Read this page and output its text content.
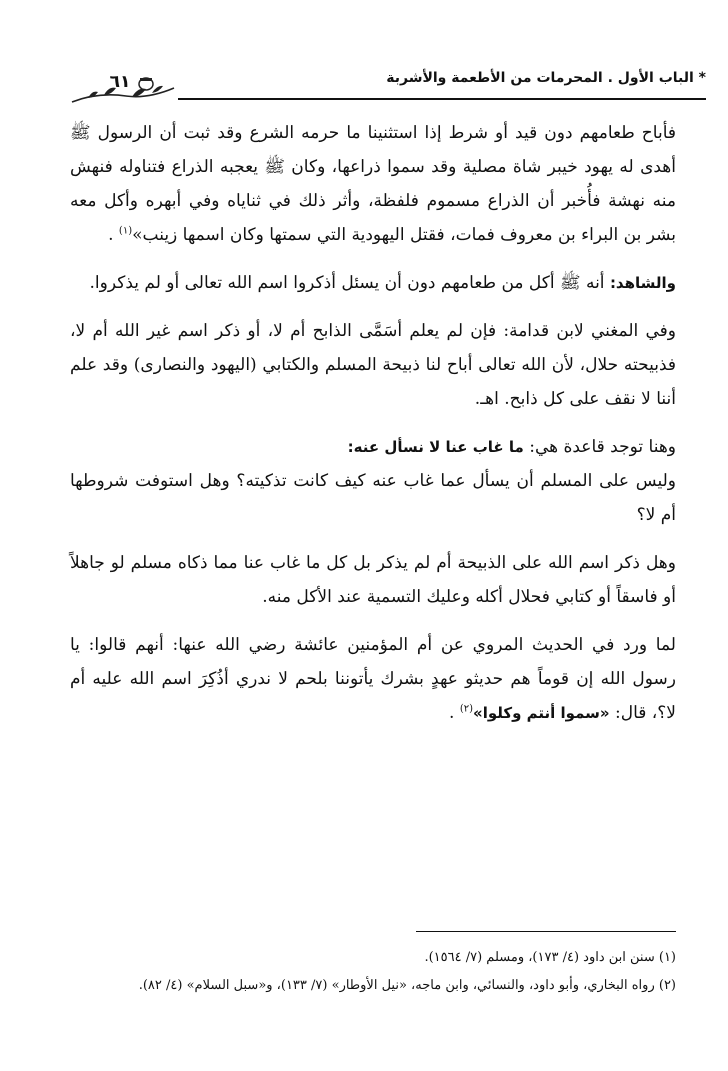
* الباب الأول . المحرمات من الأطعمة والأشربة
٦١

فأباح طعامهم دون قيد أو شرط إذا استثنينا ما حرمه الشرع وقد ثبت أن الرسول ﷺ أهدى له يهود خيبر شاة مصلية وقد سموا ذراعها، وكان ﷺ يعجبه الذراع فتناوله فنهش منه نهشة فأُخبر أن الذراع مسموم فلفظة، وأثر ذلك في ثناياه وفي أبهره وأكل معه بشر بن البراء بن معروف فمات، فقتل اليهودية التي سمتها وكان اسمها زينب»$^{(١)}$ .

والشاهد: أنه ﷺ أكل من طعامهم دون أن يسئل أذكروا اسم الله تعالى أو لم يذكروا.

وفي المغني لابن قدامة: فإن لم يعلم أسَمَّى الذابح أم لا، أو ذكر اسم غير الله أم لا، فذبيحته حلال، لأن الله تعالى أباح لنا ذبيحة المسلم والكتابي (اليهود والنصارى) وقد علم أننا لا نقف على كل ذابح. اهـ.

وهنا توجد قاعدة هي: ما غاب عنا لا نسأل عنه:

وليس على المسلم أن يسأل عما غاب عنه كيف كانت تذكيته؟ وهل استوفت شروطها أم لا؟

وهل ذكر اسم الله على الذبيحة أم لم يذكر بل كل ما غاب عنا مما ذكاه مسلم لو جاهلاً أو فاسقاً أو كتابي فحلال أكله وعليك التسمية عند الأكل منه.

لما ورد في الحديث المروي عن أم المؤمنين عائشة رضي الله عنها: أنهم قالوا: يا رسول الله إن قوماً هم حديثو عهدٍ بشرك يأتوننا بلحم لا ندري أذُكِرَ اسم الله عليه أم لا؟، قال: «سموا أنتم وكلوا»$^{(٢)}$ .

(١) سنن ابن داود (٤/ ١٧٣)، ومسلم (٧/ ١٥٦٤).

(٢) رواه البخاري، وأبو داود، والنسائي، وابن ماجه، «نيل الأوطار» (٧/ ١٣٣)، و«سبل السلام» (٤/ ٨٢).
